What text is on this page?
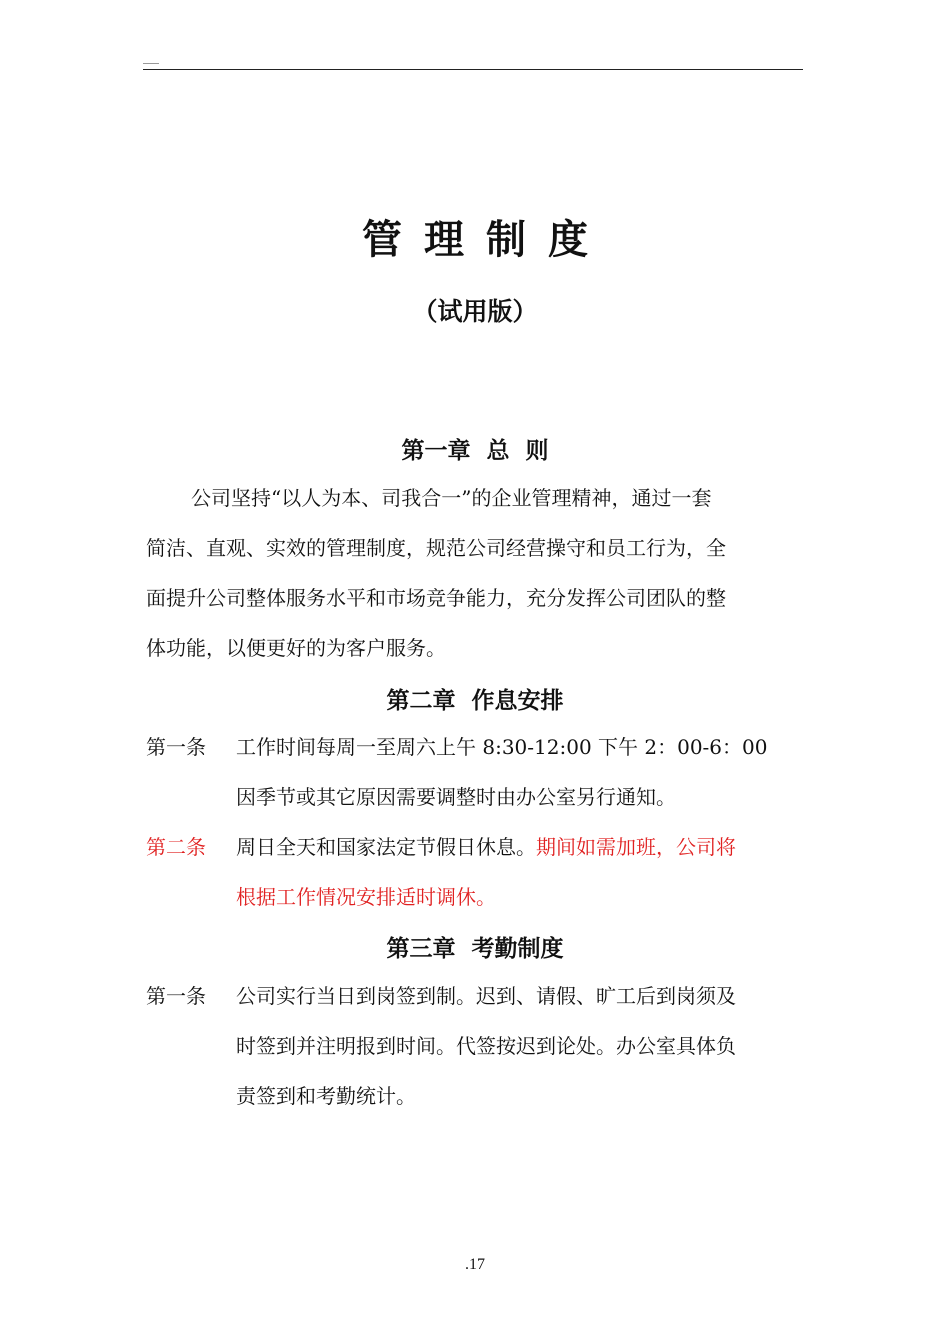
管理制度
（试用版）
第一章  总  则
公司坚持“以人为本、司我合一”的企业管理精神，通过一套
简洁、直观、实效的管理制度，规范公司经营操守和员工行为，全
面提升公司整体服务水平和市场竞争能力，充分发挥公司团队的整
体功能，以便更好的为客户服务。
第二章  作息安排
第一条 工作时间每周一至周六上午 8:30-12:00 下午 2：00-6：00
因季节或其它原因需要调整时由办公室另行通知。
第二条 周日全天和国家法定节假日休息。期间如需加班，公司将
根据工作情况安排适时调休。
第三章  考勤制度
第一条 公司实行当日到岗签到制。迟到、请假、旷工后到岗须及
时签到并注明报到时间。代签按迟到论处。办公室具体负
责签到和考勤统计。

.17
